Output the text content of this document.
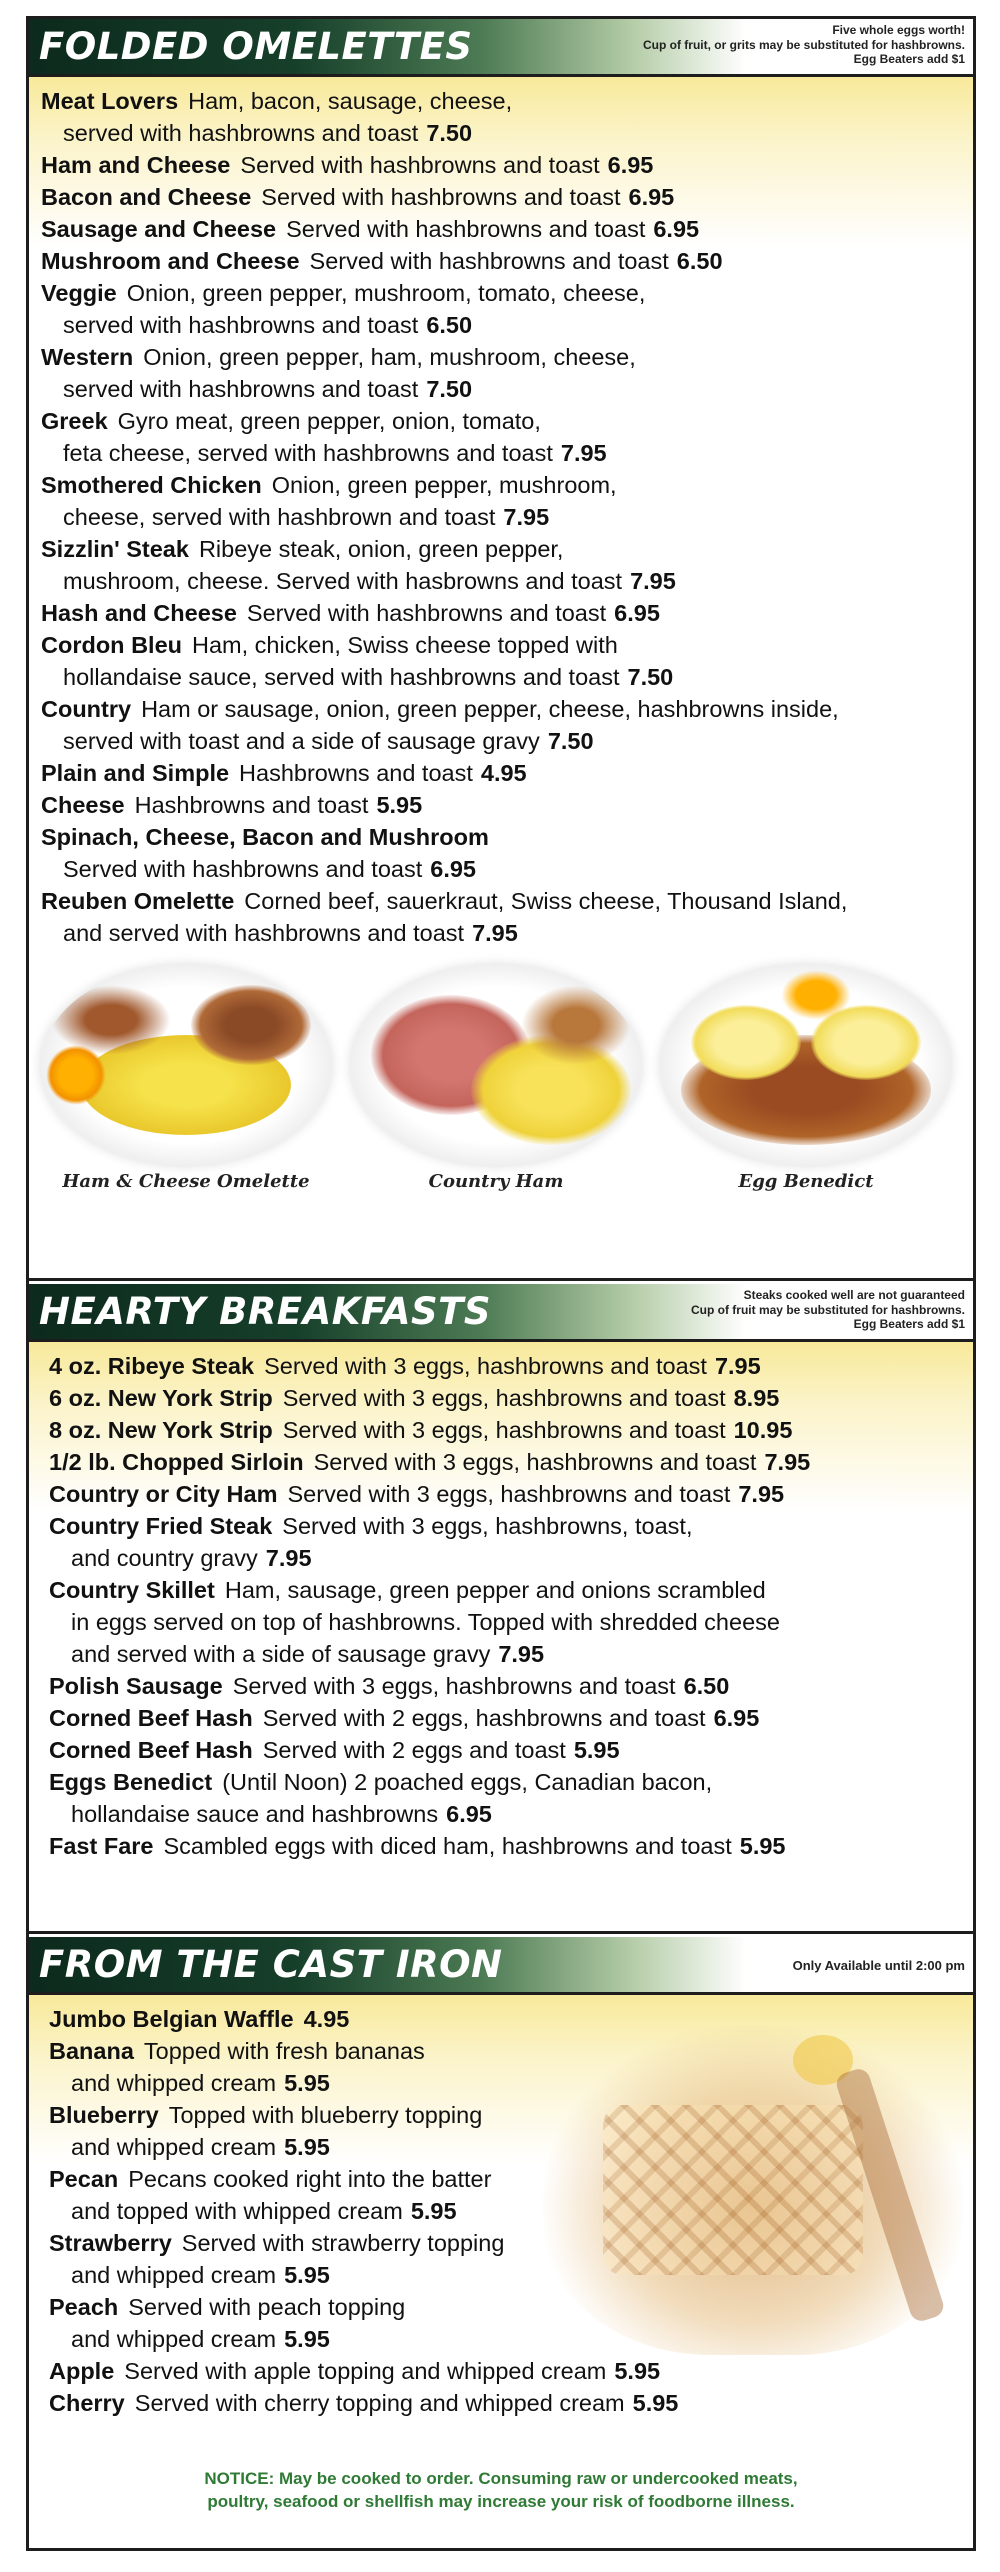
FOLDED OMELETTES	Five whole eggs worth!
Cup of fruit, or grits may be substituted for hashbrowns.
Egg Beaters add $1
Meat Lovers Ham, bacon, sausage, cheese,
served with hashbrowns and toast 7.50
Ham and Cheese Served with hashbrowns and toast 6.95
Bacon and Cheese Served with hashbrowns and toast 6.95
Sausage and Cheese Served with hashbrowns and toast 6.95
Mushroom and Cheese Served with hashbrowns and toast 6.50
Veggie Onion, green pepper, mushroom, tomato, cheese,
served with hashbrowns and toast 6.50
Western Onion, green pepper, ham, mushroom, cheese,
served with hashbrowns and toast 7.50
Greek Gyro meat, green pepper, onion, tomato,
feta cheese, served with hashbrowns and toast 7.95
Smothered Chicken Onion, green pepper, mushroom,
cheese, served with hashbrown and toast 7.95
Sizzlin' Steak Ribeye steak, onion, green pepper,
mushroom, cheese. Served with hasbrowns and toast 7.95
Hash and Cheese Served with hashbrowns and toast 6.95
Cordon Bleu Ham, chicken, Swiss cheese topped with
hollandaise sauce, served with hashbrowns and toast 7.50
Country Ham or sausage, onion, green pepper, cheese, hashbrowns inside,
served with toast and a side of sausage gravy 7.50
Plain and Simple Hashbrowns and toast 4.95
Cheese Hashbrowns and toast 5.95
Spinach, Cheese, Bacon and Mushroom
Served with hashbrowns and toast 6.95
Reuben Omelette Corned beef, sauerkraut, Swiss cheese, Thousand Island,
and served with hashbrowns and toast 7.95
Ham & Cheese Omelette	Country Ham	Egg Benedict
HEARTY BREAKFASTS	Steaks cooked well are not guaranteed
Cup of fruit may be substituted for hashbrowns.
Egg Beaters add $1
4 oz. Ribeye Steak Served with 3 eggs, hashbrowns and toast 7.95
6 oz. New York Strip Served with 3 eggs, hashbrowns and toast 8.95
8 oz. New York Strip Served with 3 eggs, hashbrowns and toast 10.95
1/2 lb. Chopped Sirloin Served with 3 eggs, hashbrowns and toast 7.95
Country or City Ham Served with 3 eggs, hashbrowns and toast 7.95
Country Fried Steak Served with 3 eggs, hashbrowns, toast,
and country gravy 7.95
Country Skillet Ham, sausage, green pepper and onions scrambled
in eggs served on top of hashbrowns. Topped with shredded cheese
and served with a side of sausage gravy 7.95
Polish Sausage Served with 3 eggs, hashbrowns and toast 6.50
Corned Beef Hash Served with 2 eggs, hashbrowns and toast 6.95
Corned Beef Hash Served with 2 eggs and toast 5.95
Eggs Benedict (Until Noon) 2 poached eggs, Canadian bacon,
hollandaise sauce and hashbrowns 6.95
Fast Fare Scambled eggs with diced ham, hashbrowns and toast 5.95
FROM THE CAST IRON	Only Available until 2:00 pm
Jumbo Belgian Waffle 4.95
Banana Topped with fresh bananas
and whipped cream 5.95
Blueberry Topped with blueberry topping
and whipped cream 5.95
Pecan Pecans cooked right into the batter
and topped with whipped cream 5.95
Strawberry Served with strawberry topping
and whipped cream 5.95
Peach Served with peach topping
and whipped cream 5.95
Apple Served with apple topping and whipped cream 5.95
Cherry Served with cherry topping and whipped cream 5.95
NOTICE: May be cooked to order. Consuming raw or undercooked meats,
poultry, seafood or shellfish may increase your risk of foodborne illness.
